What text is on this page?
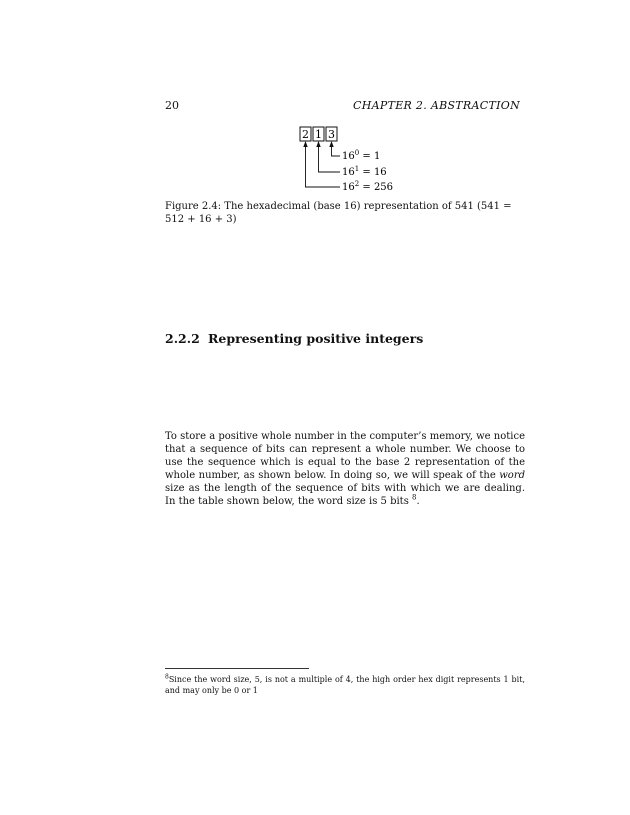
20	CHAPTER 2. ABSTRACTION
2 1 3
$16^0$ $_{= 1}$
$16^1$ $_{= 16}$
$16^2$ $_{= 256}$
Figure 2.4: The hexadecimal (base 16) representation of 541 (541 = 512 + 16 + 3)
2.2.2 Representing positive integers
To store a positive whole number in the computer’s memory, we notice that a sequence of bits can represent a whole number. We choose to use the sequence which is equal to the base 2 representation of the whole number, as shown below. In doing so, we will speak of the word size as the length of the sequence of bits with which we are dealing. In the table shown below, the word size is 5 bits $^8$.
$^8$Since the word size, 5, is not a multiple of 4, the high order hex digit represents 1 bit, and may only be 0 or 1
